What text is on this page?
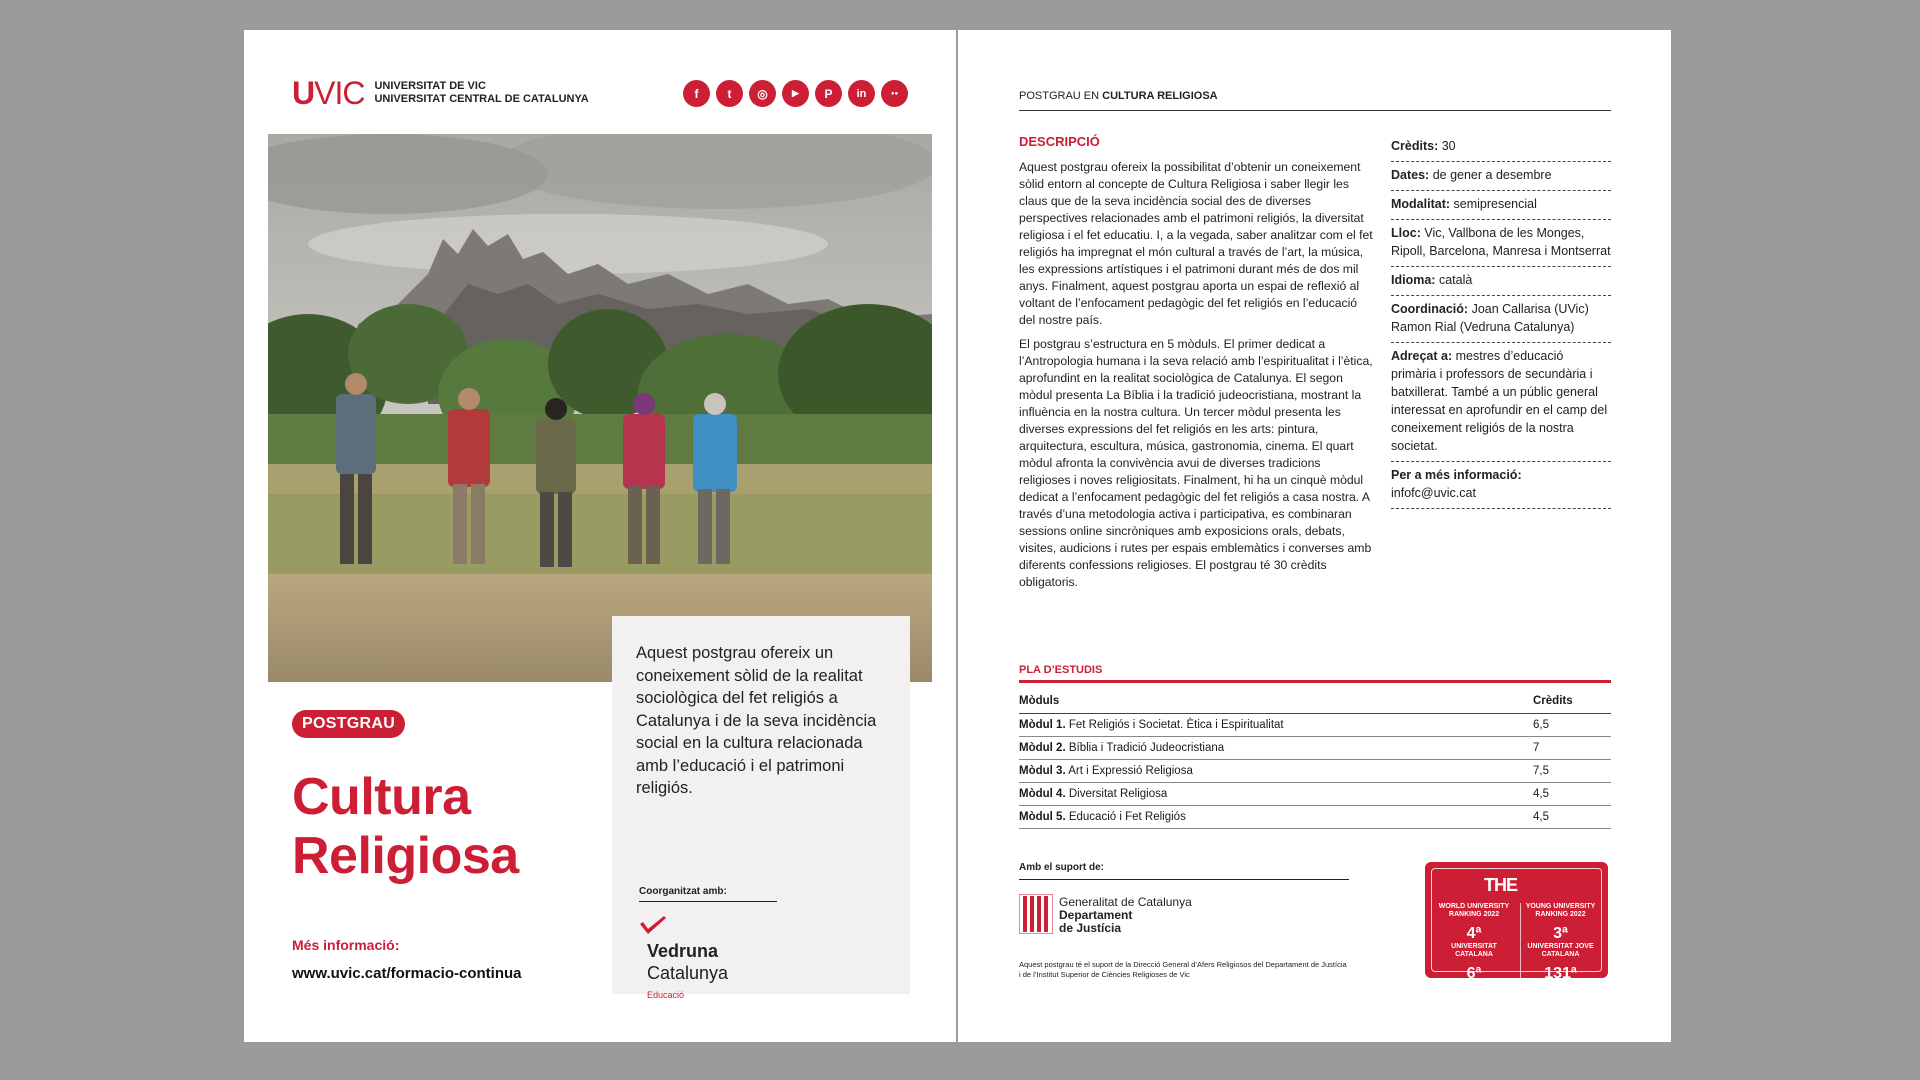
UVIC UNIVERSITAT DE VIC
UNIVERSITAT CENTRAL DE CATALUNYA	f	t	◎	▶	P	in	●●
Aquest postgrau ofereix un coneixement sòlid de la realitat sociològica del fet religiós a Catalunya i de la seva incidència social en la cultura relacionada amb l’educació i el patrimoni religiós.
Coorganitzat amb:
Vedruna
Catalunya
Educació
POSTGRAU
Cultura
Religiosa
Més informació:
www.uvic.cat/formacio-continua
POSTGRAU EN CULTURA RELIGIOSA
DESCRIPCIÓ

Aquest postgrau ofereix la possibilitat d’obtenir un coneixement sòlid entorn al concepte de Cultura Religiosa i saber llegir les claus que de la seva incidència social des de diverses perspectives relacionades amb el patrimoni religiós, la diversitat religiosa i el fet educatiu. I, a la vegada, saber analitzar com el fet religiós ha impregnat el món cultural a través de l’art, la música, les expressions artístiques i el patrimoni durant més de dos mil anys. Finalment, aquest postgrau aporta un espai de reflexió al voltant de l’enfocament pedagògic del fet religiós en l’educació del nostre país.

El postgrau s’estructura en 5 mòduls. El primer dedicat a l’Antropologia humana i la seva relació amb l’espiritualitat i l’ètica, aprofundint en la realitat sociològica de Catalunya. El segon mòdul presenta La Bíblia i la tradició judeocristiana, mostrant la influència en la nostra cultura. Un tercer mòdul presenta les diverses expressions del fet religiós en les arts: pintura, arquitectura, escultura, música, gastronomia, cinema. El quart mòdul afronta la convivència avui de diverses tradicions religioses i noves religiositats. Finalment, hi ha un cinquè mòdul dedicat a l’enfocament pedagògic del fet religiós a casa nostra. A través d’una metodologia activa i participativa, es combinaran sessions online sincròniques amb exposicions orals, debats, visites, audicions i rutes per espais emblemàtics i converses amb diferents confessions religioses. El postgrau té 30 crèdits obligatoris.

Crèdits: 30
Dates: de gener a desembre
Modalitat: semipresencial
Lloc: Vic, Vallbona de les Monges, Ripoll, Barcelona, Manresa i Montserrat
Idioma: català
Coordinació: Joan Callarisa (UVic) Ramon Rial (Vedruna Catalunya)
Adreçat a: mestres d’educació primària i professors de secundària i batxillerat. També a un públic general interessat en aprofundir en el camp del coneixement religiós de la nostra societat.
Per a més informació:
infofc@uvic.cat
PLA D’ESTUDIS
Mòduls	Crèdits
Mòdul 1. Fet Religiós i Societat. Ètica i Espiritualitat	6,5
Mòdul 2. Bíblia i Tradició Judeocristiana	7
Mòdul 3. Art i Expressió Religiosa	7,5
Mòdul 4. Diversitat Religiosa	4,5
Mòdul 5. Educació i Fet Religiós	4,5
Amb el suport de:
Generalitat de Catalunya
Departament
de Justícia
Aquest postgrau té el suport de la Direcció General d’Afers Religiosos del Departament de Justícia i de l’Institut Superior de Ciències Religioses de Vic
THE
WORLD UNIVERSITY RANKING 2022
4ª
UNIVERSITAT CATALANA
6ª
UNIVERSITAT ESPANYOLA
YOUNG UNIVERSITY RANKING 2022
3ª
UNIVERSITAT JOVE CATALANA
131ª
UNIVERSITAT JOVE MUNDIAL
